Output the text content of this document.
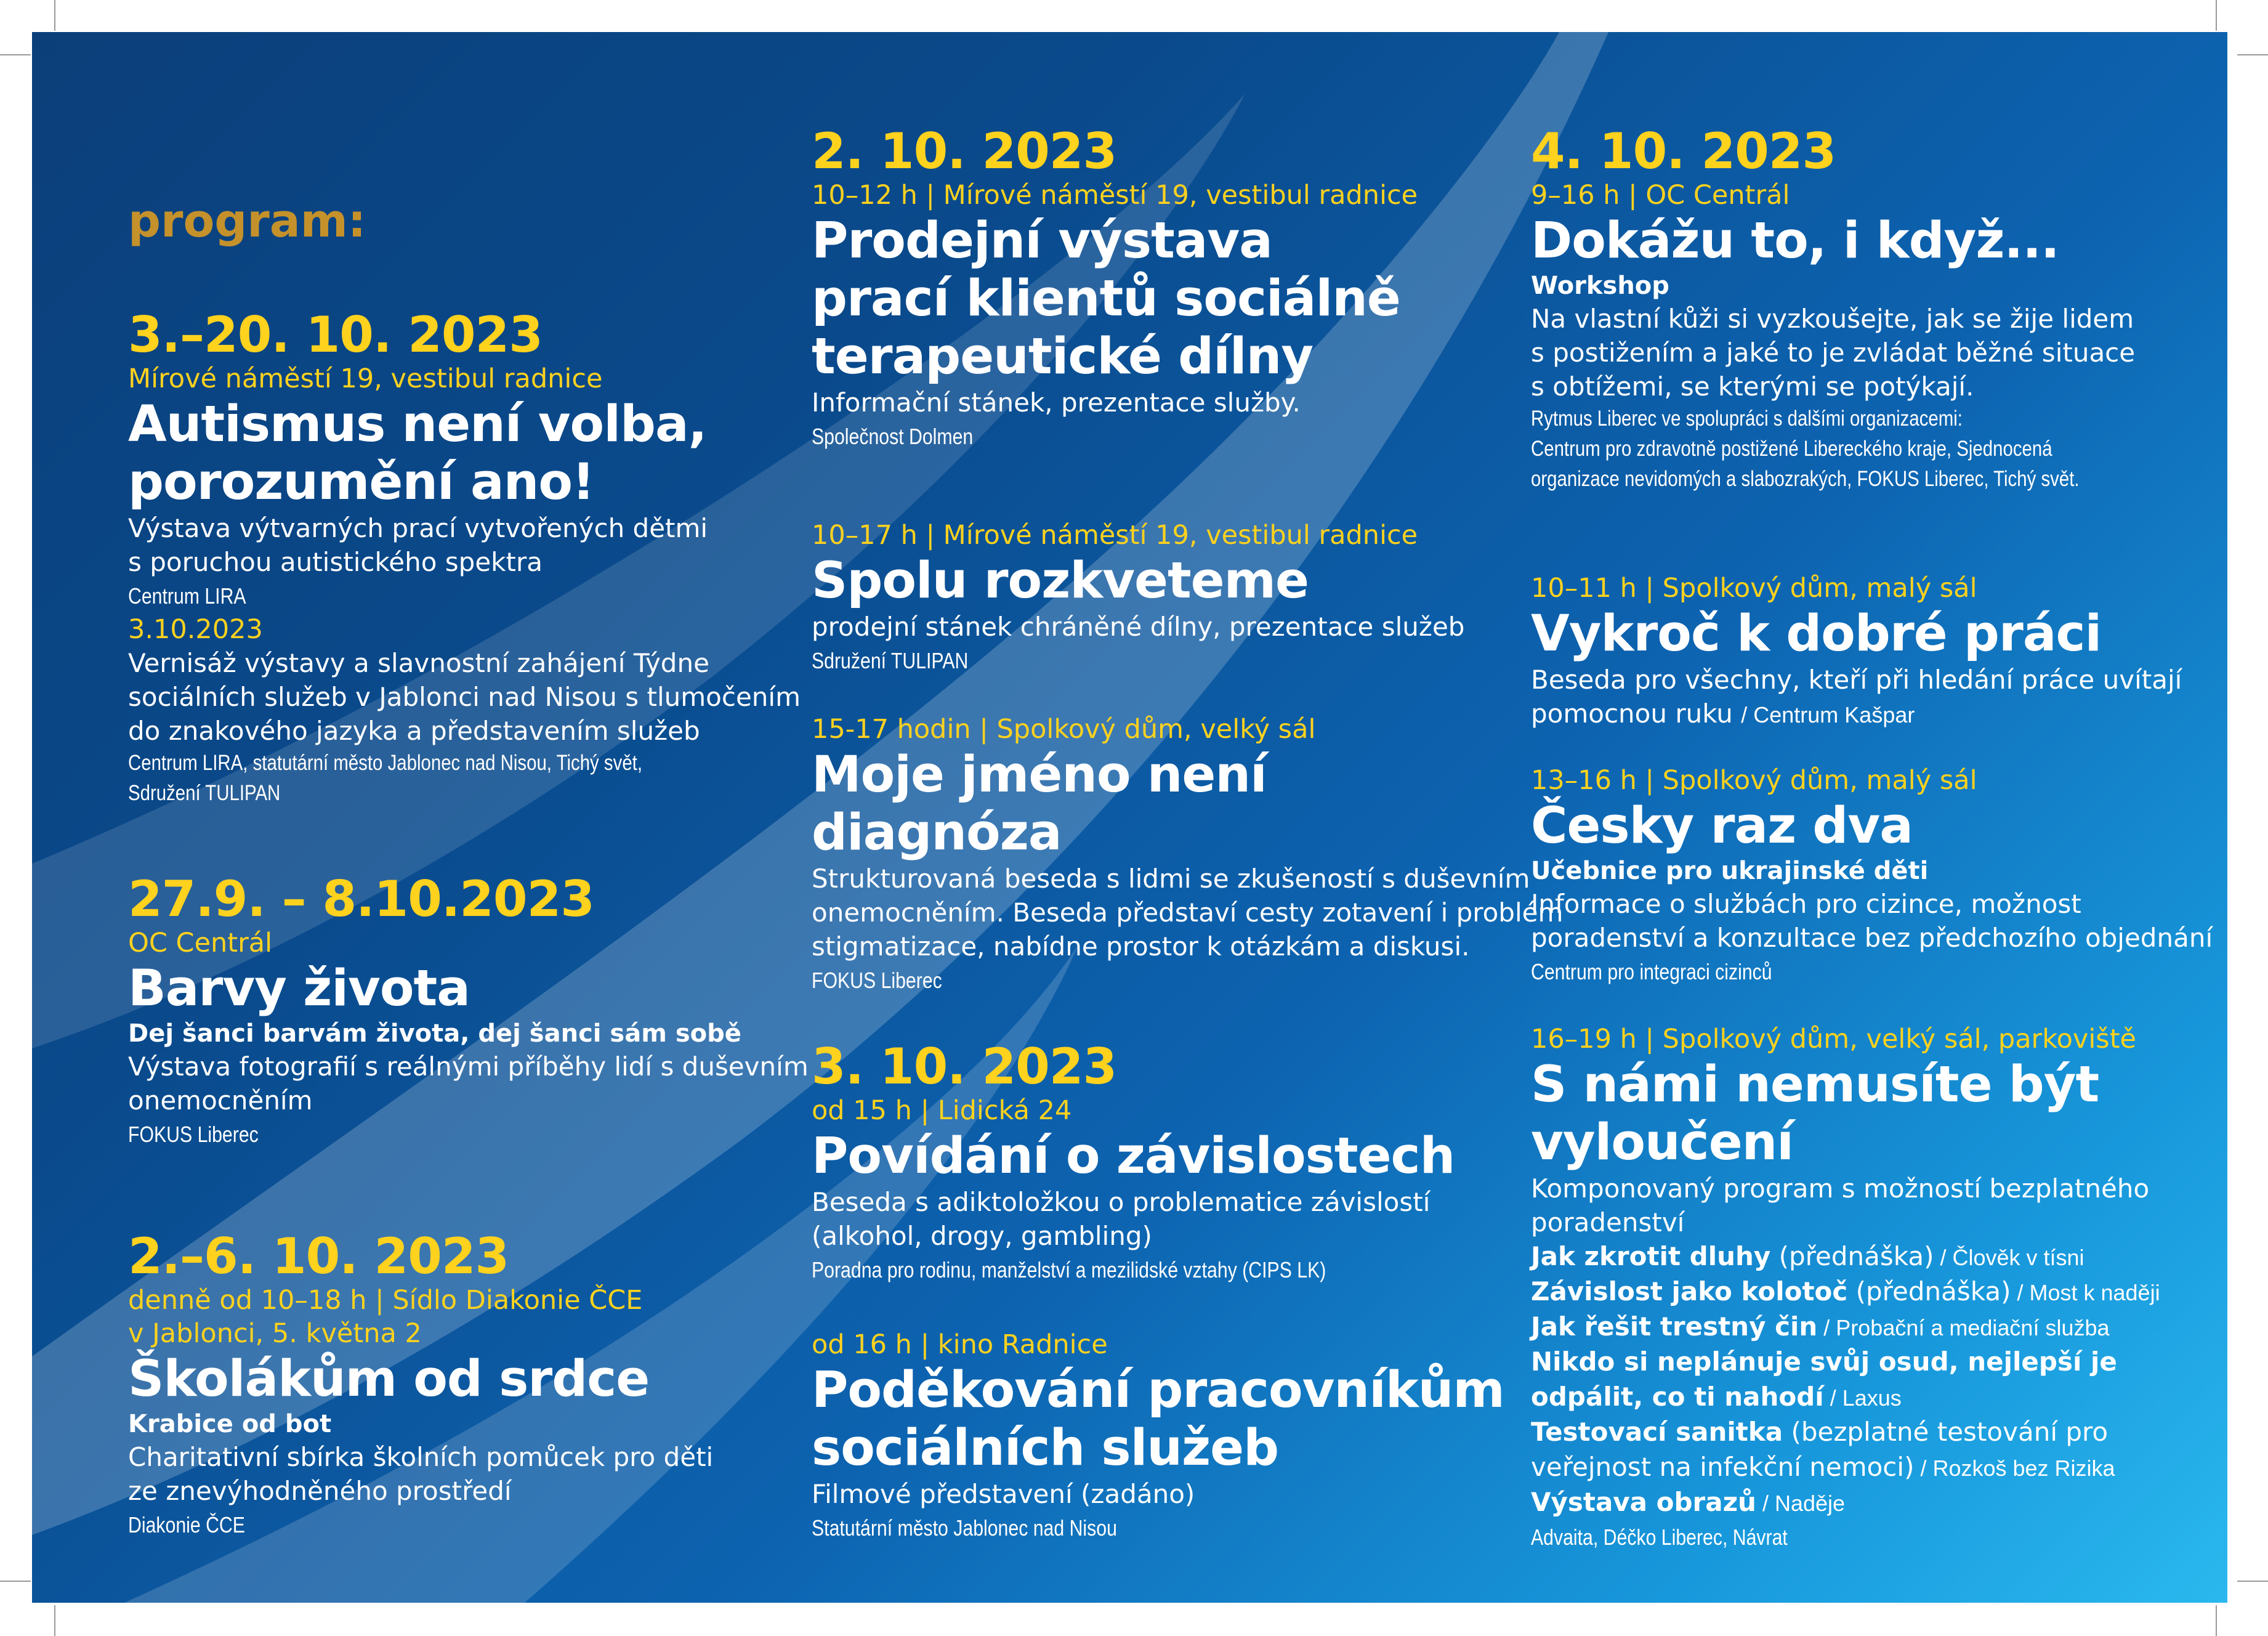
program:
3.–20. 10. 2023
Mírové náměstí 19, vestibul radnice
Autismus není volba,
porozumění ano!
Výstava výtvarných prací vytvořených dětmi
s poruchou autistického spektra
Centrum LIRA
3.10.2023
Vernisáž výstavy a slavnostní zahájení Týdne
sociálních služeb v Jablonci nad Nisou s tlumočením
do znakového jazyka a představením služeb
Centrum LIRA, statutární město Jablonec nad Nisou, Tichý svět,
Sdružení TULIPAN
27.9. – 8.10.2023
OC Centrál
Barvy života
Dej šanci barvám života, dej šanci sám sobě
Výstava fotografií s reálnými příběhy lidí s duševním
onemocněním
FOKUS Liberec
2.–6. 10. 2023
denně od 10–18 h | Sídlo Diakonie ČCE
v Jablonci, 5. května 2
Školákům od srdce
Krabice od bot
Charitativní sbírka školních pomůcek pro děti
ze znevýhodněného prostředí
Diakonie ČCE
2. 10. 2023
10–12 h | Mírové náměstí 19, vestibul radnice
Prodejní výstava
prací klientů sociálně
terapeutické dílny
Informační stánek, prezentace služby.
Společnost Dolmen
10–17 h | Mírové náměstí 19, vestibul radnice
Spolu rozkveteme
prodejní stánek chráněné dílny, prezentace služeb
Sdružení TULIPAN
15-17 hodin | Spolkový dům, velký sál
Moje jméno není
diagnóza
Strukturovaná beseda s lidmi se zkušeností s duševním
onemocněním. Beseda představí cesty zotavení i problém
stigmatizace, nabídne prostor k otázkám a diskusi.
FOKUS Liberec
3. 10. 2023
od 15 h | Lidická 24
Povídání o závislostech
Beseda s adiktoložkou o problematice závislostí
(alkohol, drogy, gambling)
Poradna pro rodinu, manželství a mezilidské vztahy (CIPS LK)
od 16 h | kino Radnice
Poděkování pracovníkům
sociálních služeb
Filmové představení (zadáno)
Statutární město Jablonec nad Nisou
4. 10. 2023
9–16 h | OC Centrál
Dokážu to, i když...
Workshop
Na vlastní kůži si vyzkoušejte, jak se žije lidem
s postižením a jaké to je zvládat běžné situace
s obtížemi, se kterými se potýkají.
Rytmus Liberec ve spolupráci s dalšími organizacemi:
Centrum pro zdravotně postižené Libereckého kraje, Sjednocená
organizace nevidomých a slabozrakých, FOKUS Liberec, Tichý svět.
10–11 h | Spolkový dům, malý sál
Vykroč k dobré práci
Beseda pro všechny, kteří při hledání práce uvítají
pomocnou ruku / Centrum Kašpar
13–16 h | Spolkový dům, malý sál
Česky raz dva
Učebnice pro ukrajinské děti
Informace o službách pro cizince, možnost
poradenství a konzultace bez předchozího objednání
Centrum pro integraci cizinců
16–19 h | Spolkový dům, velký sál, parkoviště
S námi nemusíte být
vyloučení
Komponovaný program s možností bezplatného
poradenství
Jak zkrotit dluhy (přednáška) / Člověk v tísni
Závislost jako kolotoč (přednáška) / Most k naději
Jak řešit trestný čin / Probační a mediační služba
Nikdo si neplánuje svůj osud, nejlepší je
odpálit, co ti nahodí / Laxus
Testovací sanitka (bezplatné testování pro
veřejnost na infekční nemoci) / Rozkoš bez Rizika
Výstava obrazů / Naděje
Advaita, Déčko Liberec, Návrat
